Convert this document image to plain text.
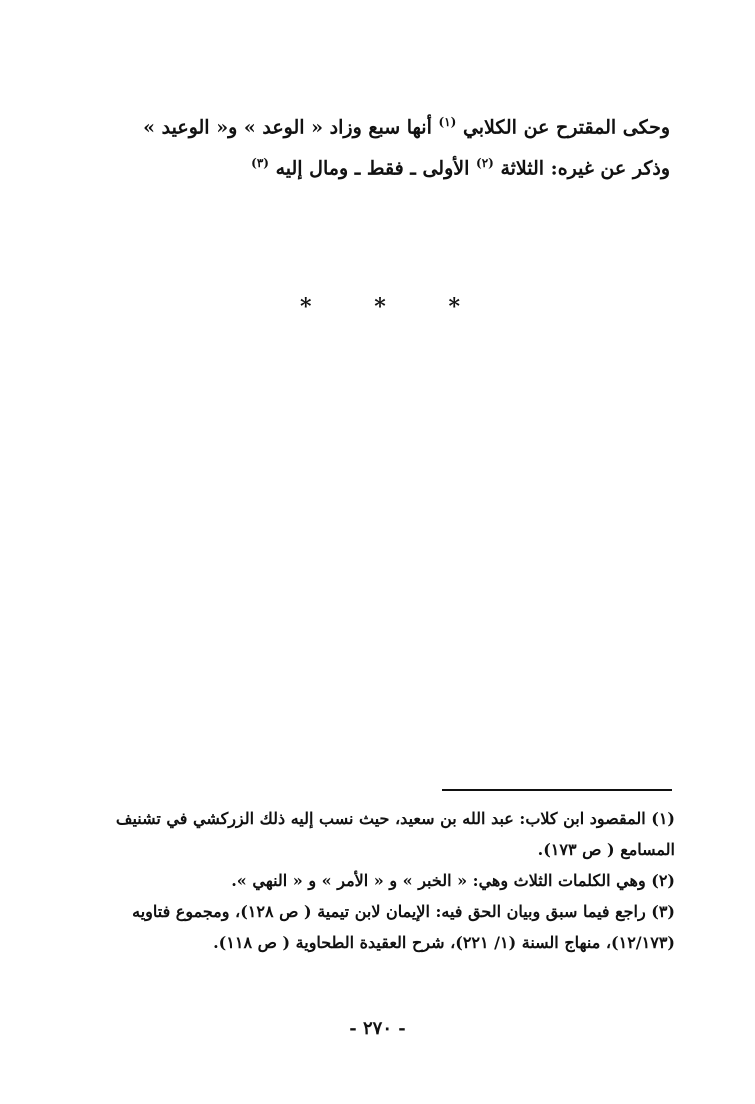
وحكى المقترح عن الكلابي $^{(١)}$ أنها سبع وزاد « الوعد » و« الوعيد »
وذكر عن غيره: الثلاثة $^{(٢)}$ الأولى ـ فقط ـ ومال إليه $^{(٣)}$
*	*	*
(١) المقصود ابن كلاب: عبد الله بن سعيد، حيث نسب إليه ذلك الزركشي في تشنيف
المسامع ( ص ١٧٣).
(٢) وهي الكلمات الثلاث وهي: « الخبر » و « الأمر » و « النهي ».
(٣) راجع فيما سبق وبيان الحق فيه: الإيمان لابن تيمية ( ص ١٢٨)، ومجموع فتاويه
(١٢/١٧٣)، منهاج السنة (١/ ٢٢١)، شرح العقيدة الطحاوية ( ص ١١٨).
- ٢٧٠ -
